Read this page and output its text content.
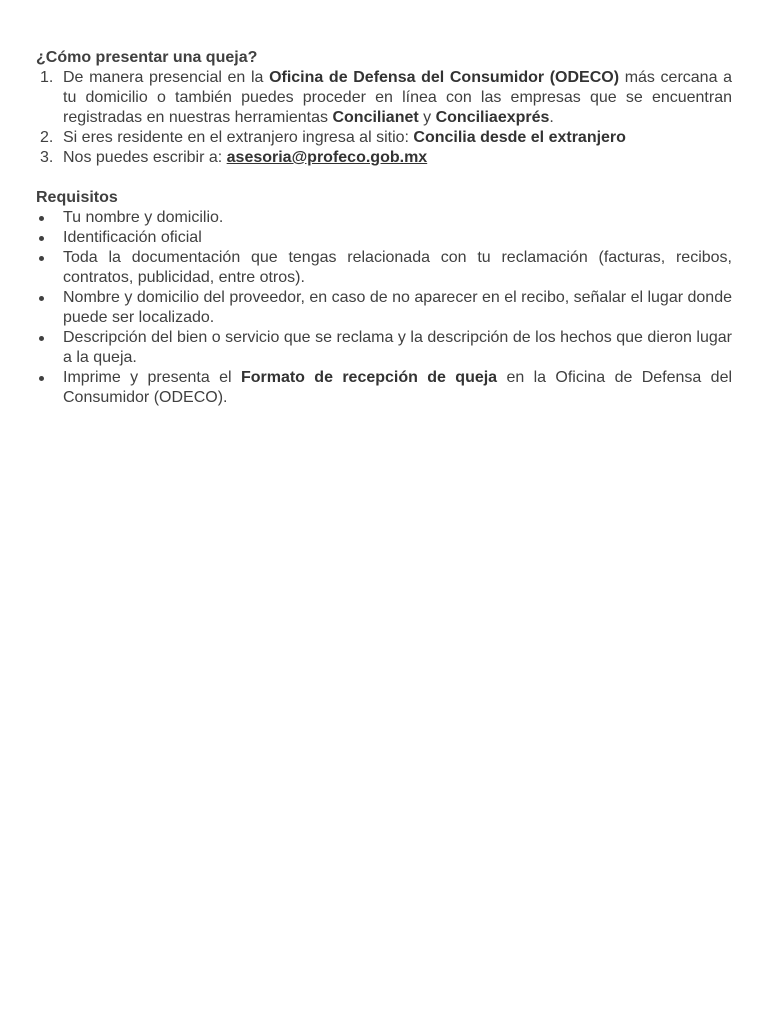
¿Cómo presentar una queja?
1. De manera presencial en la Oficina de Defensa del Consumidor (ODECO) más cercana a tu domicilio o también puedes proceder en línea con las empresas que se encuentran registradas en nuestras herramientas Concilianet y Conciliaexprés.
2. Si eres residente en el extranjero ingresa al sitio: Concilia desde el extranjero
3. Nos puedes escribir a: asesoria@profeco.gob.mx
Requisitos
Tu nombre y domicilio.
Identificación oficial
Toda la documentación que tengas relacionada con tu reclamación (facturas, recibos, contratos, publicidad, entre otros).
Nombre y domicilio del proveedor, en caso de no aparecer en el recibo, señalar el lugar donde puede ser localizado.
Descripción del bien o servicio que se reclama y la descripción de los hechos que dieron lugar a la queja.
Imprime y presenta el Formato de recepción de queja en la Oficina de Defensa del Consumidor (ODECO).
